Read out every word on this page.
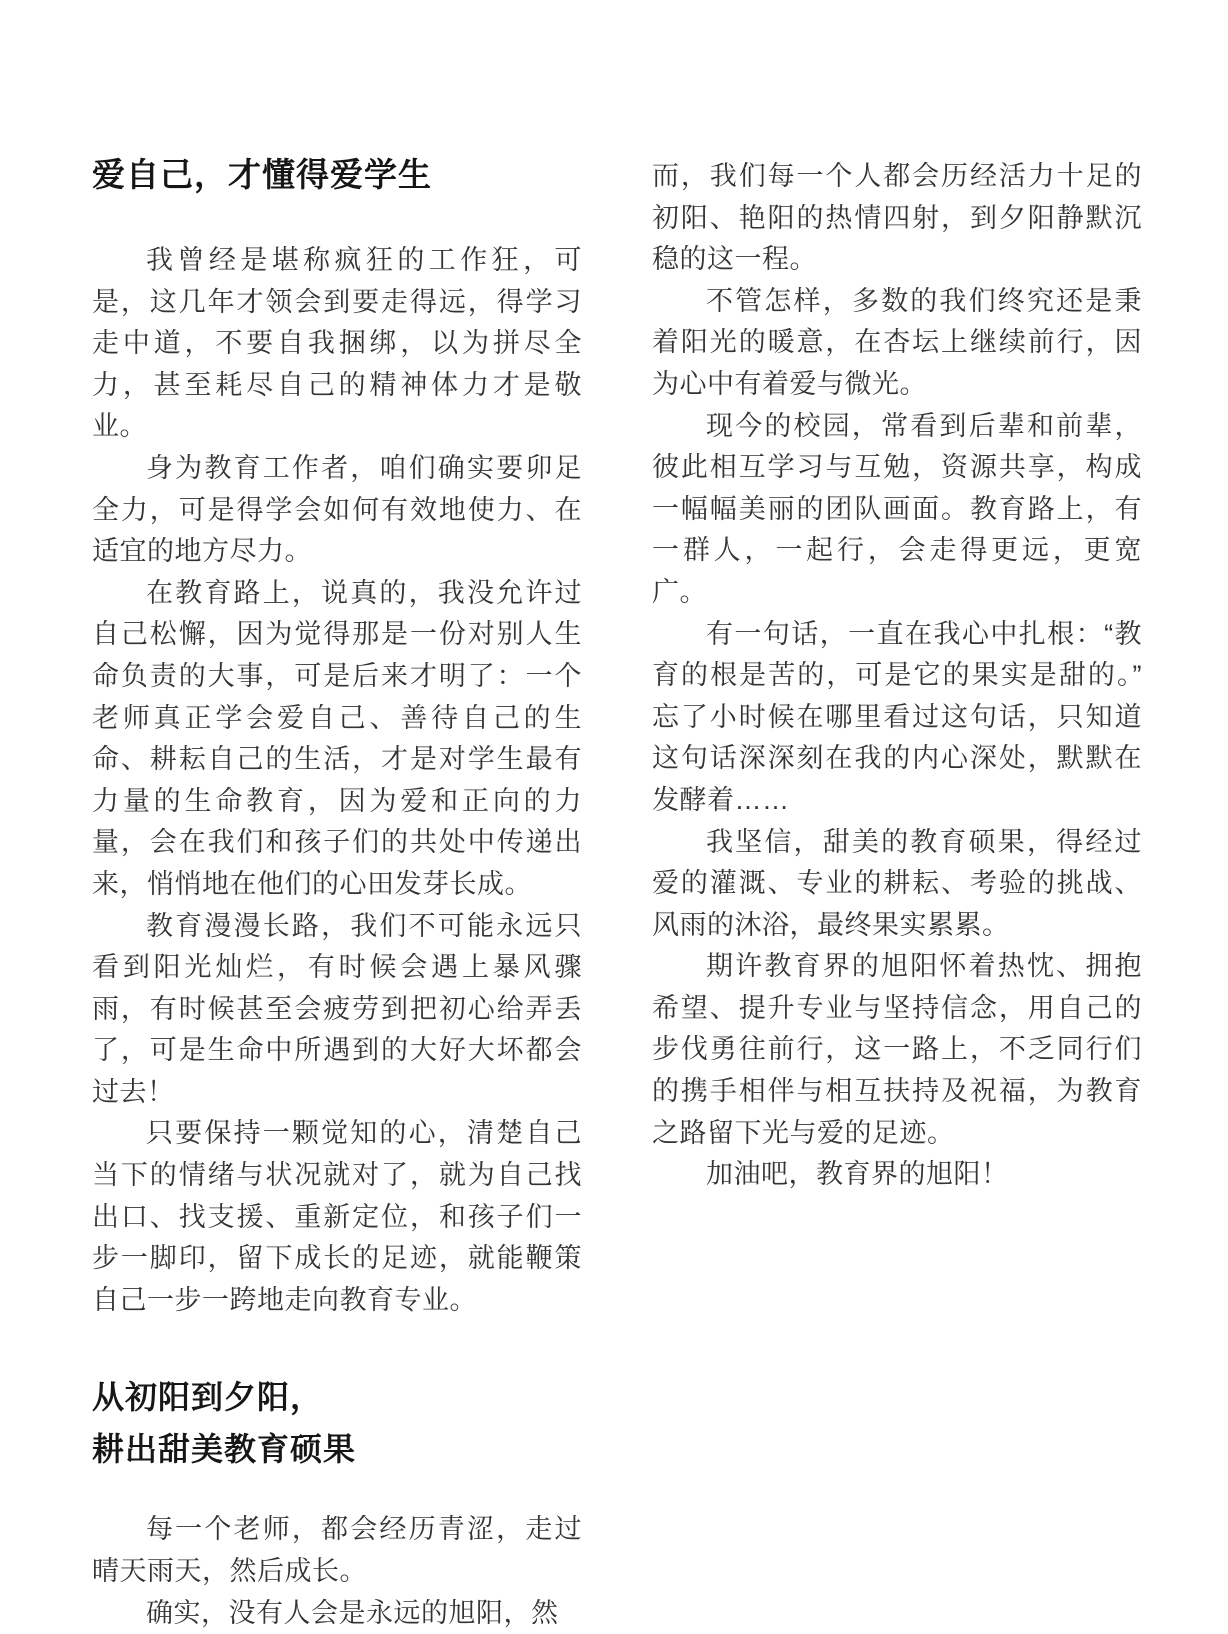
爱自己，才懂得爱学生

我曾经是堪称疯狂的工作狂，可是，这几年才领会到要走得远，得学习走中道，不要自我捆绑，以为拼尽全力，甚至耗尽自己的精神体力才是敬业。

身为教育工作者，咱们确实要卯足全力，可是得学会如何有效地使力、在适宜的地方尽力。

在教育路上，说真的，我没允许过自己松懈，因为觉得那是一份对别人生命负责的大事，可是后来才明了：一个老师真正学会爱自己、善待自己的生命、耕耘自己的生活，才是对学生最有力量的生命教育，因为爱和正向的力量，会在我们和孩子们的共处中传递出来，悄悄地在他们的心田发芽长成。

教育漫漫长路，我们不可能永远只看到阳光灿烂，有时候会遇上暴风骤雨，有时候甚至会疲劳到把初心给弄丢了，可是生命中所遇到的大好大坏都会过去！

只要保持一颗觉知的心，清楚自己当下的情绪与状况就对了，就为自己找出口、找支援、重新定位，和孩子们一步一脚印，留下成长的足迹，就能鞭策自己一步一跨地走向教育专业。

从初阳到夕阳，
耕出甜美教育硕果

每一个老师，都会经历青涩，走过晴天雨天，然后成长。

确实，没有人会是永远的旭阳，然

而，我们每一个人都会历经活力十足的初阳、艳阳的热情四射，到夕阳静默沉稳的这一程。

不管怎样，多数的我们终究还是秉着阳光的暖意，在杏坛上继续前行，因为心中有着爱与微光。

现今的校园，常看到后辈和前辈，彼此相互学习与互勉，资源共享，构成一幅幅美丽的团队画面。教育路上，有一群人，一起行，会走得更远，更宽广。

有一句话，一直在我心中扎根：“教育的根是苦的，可是它的果实是甜的。”忘了小时候在哪里看过这句话，只知道这句话深深刻在我的内心深处，默默在发酵着……

我坚信，甜美的教育硕果，得经过爱的灌溉、专业的耕耘、考验的挑战、风雨的沐浴，最终果实累累。

期许教育界的旭阳怀着热忱、拥抱希望、提升专业与坚持信念，用自己的步伐勇往前行，这一路上，不乏同行们的携手相伴与相互扶持及祝福，为教育之路留下光与爱的足迹。

加油吧，教育界的旭阳！
